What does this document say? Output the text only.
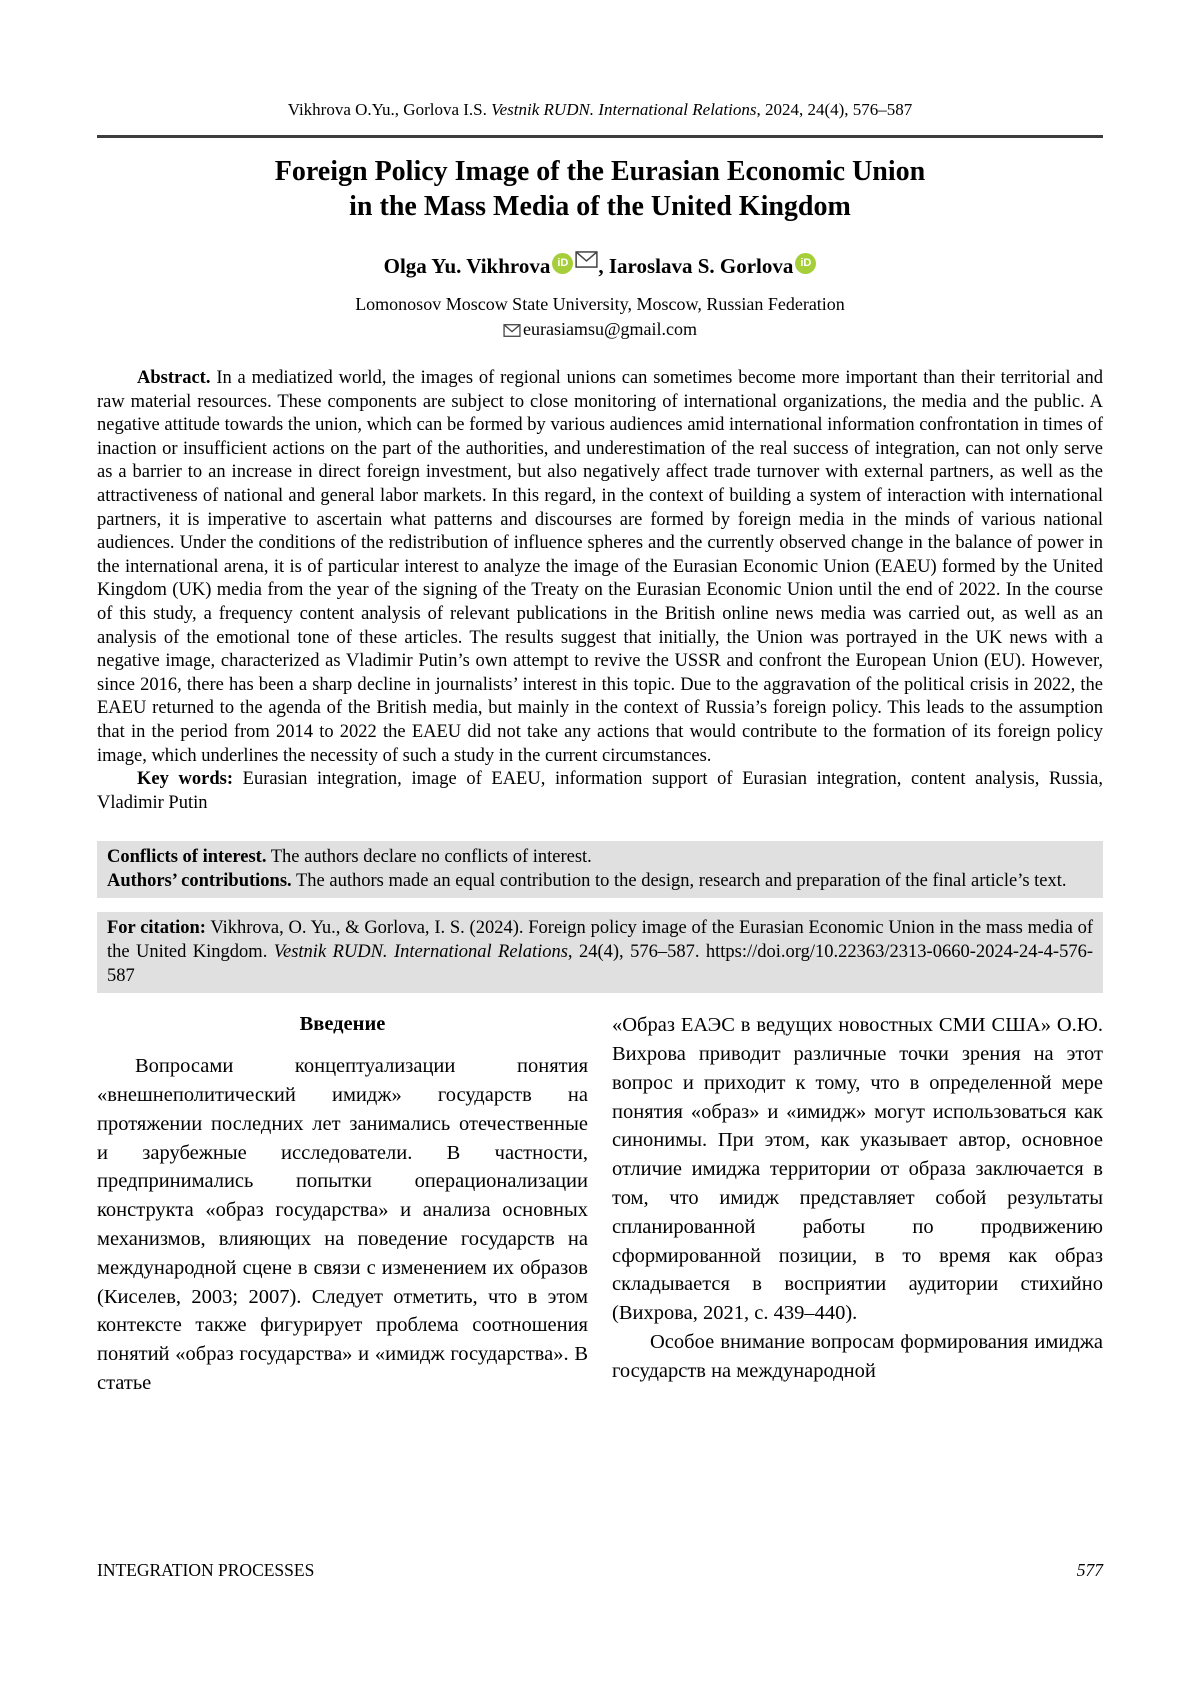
Vikhrova O.Yu., Gorlova I.S. Vestnik RUDN. International Relations, 2024, 24(4), 576–587
Foreign Policy Image of the Eurasian Economic Union
in the Mass Media of the United Kingdom
Olga Yu. Vikhrova iD , Iaroslava S. Gorlova iD
Lomonosov Moscow State University, Moscow, Russian Federation
eurasiamsu@gmail.com

Abstract. In a mediatized world, the images of regional unions can sometimes become more important than their territorial and raw material resources. These components are subject to close monitoring of international organizations, the media and the public. A negative attitude towards the union, which can be formed by various audiences amid international information confrontation in times of inaction or insufficient actions on the part of the authorities, and underestimation of the real success of integration, can not only serve as a barrier to an increase in direct foreign investment, but also negatively affect trade turnover with external partners, as well as the attractiveness of national and general labor markets. In this regard, in the context of building a system of interaction with international partners, it is imperative to ascertain what patterns and discourses are formed by foreign media in the minds of various national audiences. Under the conditions of the redistribution of influence spheres and the currently observed change in the balance of power in the international arena, it is of particular interest to analyze the image of the Eurasian Economic Union (EAEU) formed by the United Kingdom (UK) media from the year of the signing of the Treaty on the Eurasian Economic Union until the end of 2022. In the course of this study, a frequency content analysis of relevant publications in the British online news media was carried out, as well as an analysis of the emotional tone of these articles. The results suggest that initially, the Union was portrayed in the UK news with a negative image, characterized as Vladimir Putin’s own attempt to revive the USSR and confront the European Union (EU). However, since 2016, there has been a sharp decline in journalists’ interest in this topic. Due to the aggravation of the political crisis in 2022, the EAEU returned to the agenda of the British media, but mainly in the context of Russia’s foreign policy. This leads to the assumption that in the period from 2014 to 2022 the EAEU did not take any actions that would contribute to the formation of its foreign policy image, which underlines the necessity of such a study in the current circumstances.

Key words: Eurasian integration, image of EAEU, information support of Eurasian integration, content analysis, Russia, Vladimir Putin

Conflicts of interest. The authors declare no conflicts of interest.

Authors’ contributions. The authors made an equal contribution to the design, research and preparation of the final article’s text.

For citation: Vikhrova, O. Yu., & Gorlova, I. S. (2024). Foreign policy image of the Eurasian Economic Union in the mass media of the United Kingdom. Vestnik RUDN. International Relations, 24(4), 576–587. https://doi.org/10.22363/2313-0660-2024-24-4-576-587

Введение

Вопросами концептуализации понятия «внешнеполитический имидж» государств на протяжении последних лет занимались отечественные и зарубежные исследователи. В частности, предпринимались попытки операционализации конструкта «образ государства» и анализа основных механизмов, влияющих на поведение государств на международной сцене в связи с изменением их образов (Киселев, 2003; 2007). Следует отметить, что в этом контексте также фигурирует проблема соотношения понятий «образ государства» и «имидж государства». В статье

«Образ ЕАЭС в ведущих новостных СМИ США» О.Ю. Вихрова приводит различные точки зрения на этот вопрос и приходит к тому, что в определенной мере понятия «образ» и «имидж» могут использоваться как синонимы. При этом, как указывает автор, основное отличие имиджа территории от образа заключается в том, что имидж представляет собой результаты спланированной работы по продвижению сформированной позиции, в то время как образ складывается в восприятии аудитории стихийно (Вихрова, 2021, с. 439–440).

Особое внимание вопросам формирования имиджа государств на международной

INTEGRATION PROCESSES	577
